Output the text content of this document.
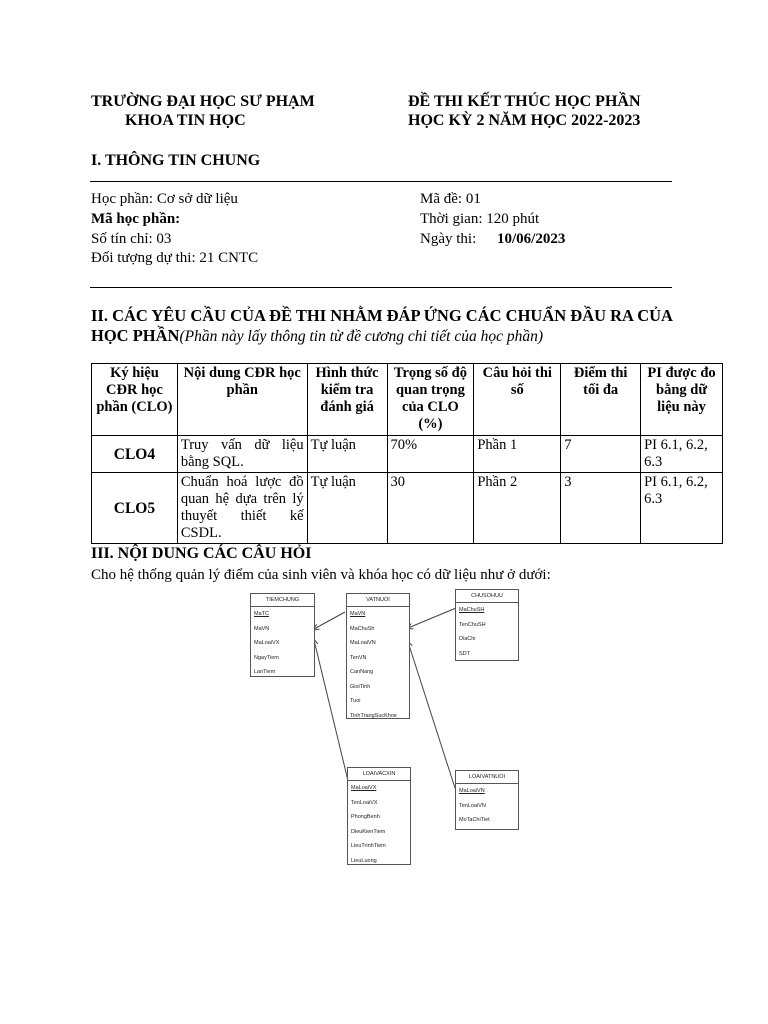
TRƯỜNG ĐẠI HỌC SƯ PHẠM
KHOA TIN HỌC
ĐỀ THI KẾT THÚC HỌC PHẦN
HỌC KỲ 2 NĂM HỌC 2022-2023
I. THÔNG TIN CHUNG
Học phần: Cơ sở dữ liệu
Mã học phần:
Số tín chỉ: 03
Đối tượng dự thi: 21 CNTC
Mã đề: 01
Thời gian: 120 phút
Ngày thi: 10/06/2023
II. CÁC YÊU CẦU CỦA ĐỀ THI NHẰM ĐÁP ỨNG CÁC CHUẨN ĐẦU RA CỦA
HỌC PHẦN(Phần này lấy thông tin từ đề cương chi tiết của học phần)
Ký hiệu CĐR học phần (CLO)	Nội dung CĐR học phần	Hình thức kiểm tra đánh giá	Trọng số độ quan trọng của CLO (%)	Câu hỏi thi số	Điểm thi tối đa	PI được đo bằng dữ liệu này
CLO4	Truy vấn dữ liệu bằng SQL.	Tự luận	70%	Phần 1	7	PI 6.1, 6.2, 6.3
CLO5	Chuẩn hoá lược đồ quan hệ dựa trên lý thuyết thiết kế CSDL.	Tự luận	30	Phần 2	3	PI 6.1, 6.2, 6.3
III. NỘI DUNG CÁC CÂU HỎI
Cho hệ thống quản lý điểm của sinh viên và khóa học có dữ liệu như ở dưới:
TIEMCHUNG
MaTC
MaVN
MaLoaiVX
NgayTiem
LanTiem
VATNUOI
MaVN
MaChuSh
MaLoaiVN
TenVN
CanNang
GioiTinh
Tuoi
TinhTrangSucKhoe
CHUSOHUU
MaChuSH
TenChuSH
DiaChi
SDT
LOAIVACXIN
MaLoaiVX
TenLoaiVX
PhongBenh
DieuKienTiem
LieuTrinhTiem
LieuLuong
LOAIVATNUOI
MaLoaiVN
TenLoaiVN
MoTaChiTiet
